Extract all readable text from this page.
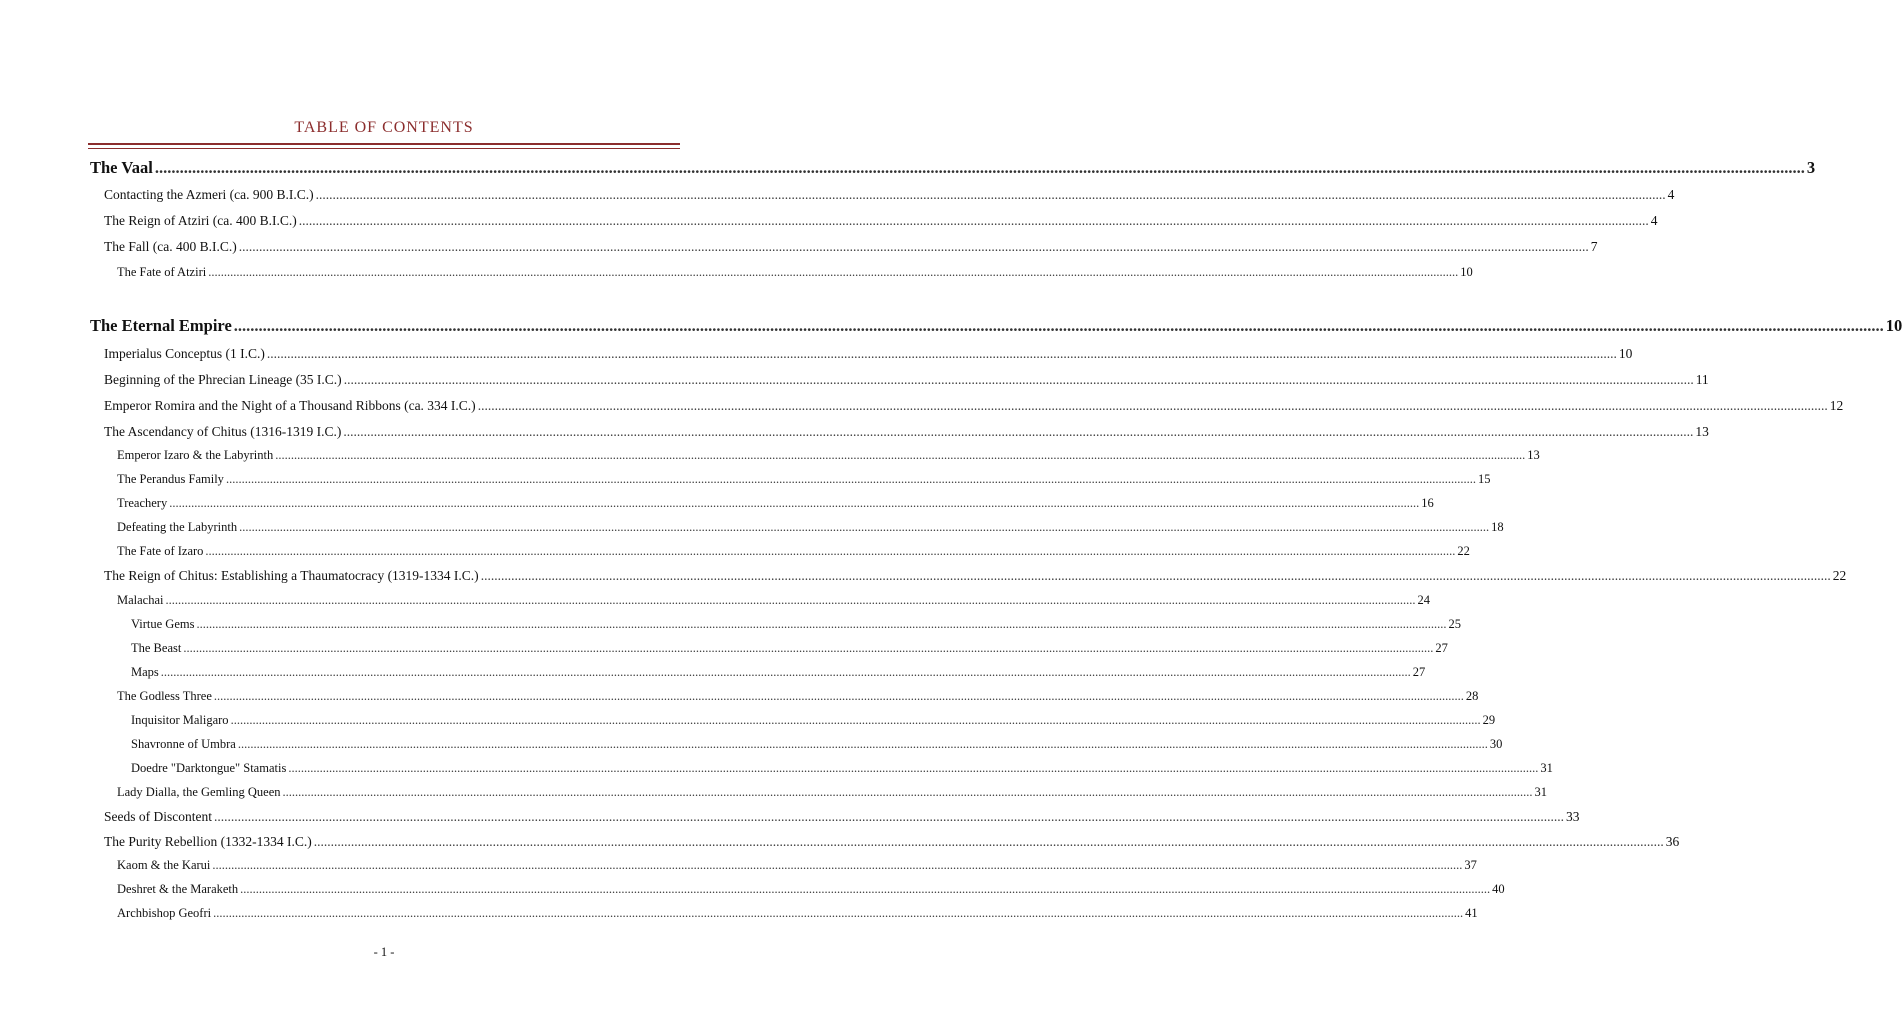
TABLE OF CONTENTS
The Vaal ................................................................................................................................................................................................................................................................................................................................................................................................................ 3
Contacting the Azmeri (ca. 900 B.I.C.) ................................................................................................................................................................................................................................................................................................................................................................................................................ 4
The Reign of Atziri (ca. 400 B.I.C.) ................................................................................................................................................................................................................................................................................................................................................................................................................ 4
The Fall (ca. 400 B.I.C.) ................................................................................................................................................................................................................................................................................................................................................................................................................ 7
The Fate of Atziri ................................................................................................................................................................................................................................................................................................................................................................................................................ 10
The Eternal Empire ................................................................................................................................................................................................................................................................................................................................................................................................................ 10
Imperialus Conceptus (1 I.C.) ................................................................................................................................................................................................................................................................................................................................................................................................................ 10
Beginning of the Phrecian Lineage (35 I.C.) ................................................................................................................................................................................................................................................................................................................................................................................................................ 11
Emperor Romira and the Night of a Thousand Ribbons (ca. 334 I.C.) ................................................................................................................................................................................................................................................................................................................................................................................................................ 12
The Ascendancy of Chitus (1316-1319 I.C.) ................................................................................................................................................................................................................................................................................................................................................................................................................ 13
Emperor Izaro & the Labyrinth ................................................................................................................................................................................................................................................................................................................................................................................................................ 13
The Perandus Family ................................................................................................................................................................................................................................................................................................................................................................................................................ 15
Treachery ................................................................................................................................................................................................................................................................................................................................................................................................................ 16
Defeating the Labyrinth ................................................................................................................................................................................................................................................................................................................................................................................................................ 18
The Fate of Izaro ................................................................................................................................................................................................................................................................................................................................................................................................................ 22
The Reign of Chitus: Establishing a Thaumatocracy (1319-1334 I.C.) ................................................................................................................................................................................................................................................................................................................................................................................................................ 22
Malachai ................................................................................................................................................................................................................................................................................................................................................................................................................ 24
Virtue Gems ................................................................................................................................................................................................................................................................................................................................................................................................................ 25
The Beast ................................................................................................................................................................................................................................................................................................................................................................................................................ 27
Maps ................................................................................................................................................................................................................................................................................................................................................................................................................ 27
The Godless Three ................................................................................................................................................................................................................................................................................................................................................................................................................ 28
Inquisitor Maligaro ................................................................................................................................................................................................................................................................................................................................................................................................................ 29
Shavronne of Umbra ................................................................................................................................................................................................................................................................................................................................................................................................................ 30
Doedre "Darktongue" Stamatis ................................................................................................................................................................................................................................................................................................................................................................................................................ 31
Lady Dialla, the Gemling Queen ................................................................................................................................................................................................................................................................................................................................................................................................................ 31
Seeds of Discontent ................................................................................................................................................................................................................................................................................................................................................................................................................ 33
The Purity Rebellion (1332-1334 I.C.) ................................................................................................................................................................................................................................................................................................................................................................................................................ 36
Kaom & the Karui ................................................................................................................................................................................................................................................................................................................................................................................................................ 37
Deshret & the Maraketh ................................................................................................................................................................................................................................................................................................................................................................................................................ 40
Archbishop Geofri ................................................................................................................................................................................................................................................................................................................................................................................................................ 41
- 1 -
